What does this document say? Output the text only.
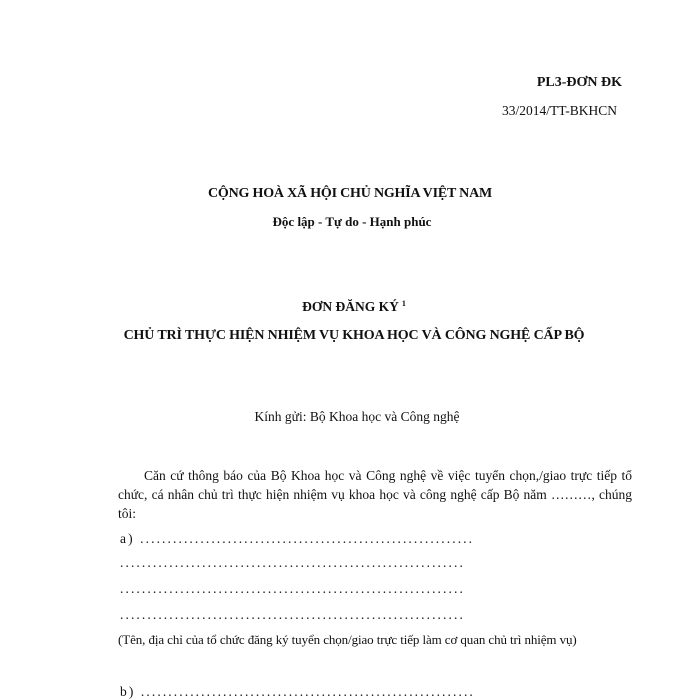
PL3-ĐƠN ĐK
33/2014/TT-BKHCN
CỘNG HOÀ XÃ HỘI CHỦ NGHĨA VIỆT NAM
Độc lập - Tự do - Hạnh phúc
ĐƠN ĐĂNG KÝ $^1$
CHỦ TRÌ THỰC HIỆN NHIỆM VỤ KHOA HỌC VÀ CÔNG NGHỆ CẤP BỘ
Kính gửi: Bộ Khoa học và Công nghệ
Căn cứ thông báo của Bộ Khoa học và Công nghệ về việc tuyển chọn,/giao trực tiếp tổ chức, cá nhân chủ trì thực hiện nhiệm vụ khoa học và công nghệ cấp Bộ năm ………, chúng tôi:
a) .............................................................
...............................................................
...............................................................
...............................................................
(Tên, địa chỉ của tổ chức đăng ký tuyển chọn/giao trực tiếp làm cơ quan chủ trì nhiệm vụ)
b) .............................................................
